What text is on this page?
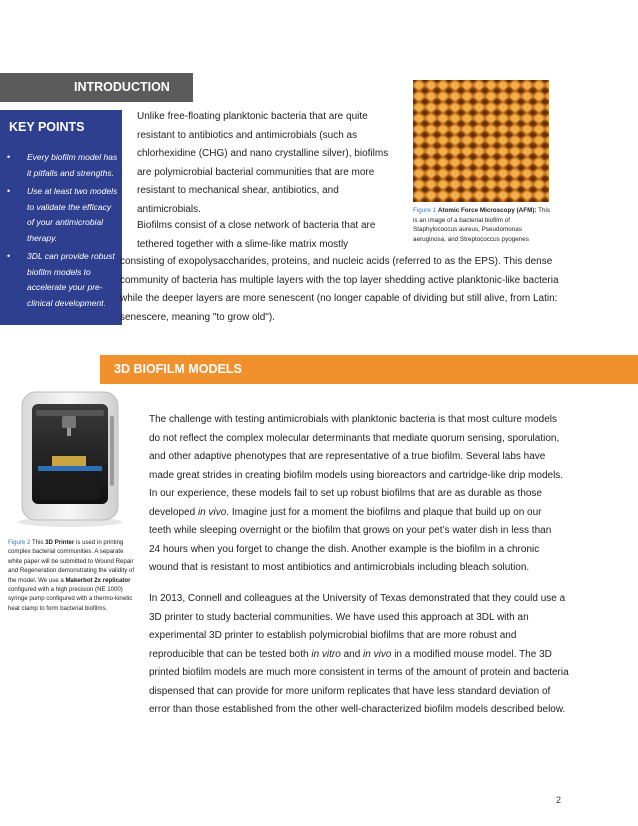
INTRODUCTION
KEY POINTS
• Every biofilm model has it pitfalls and strengths.
• Use at least two models to validate the efficacy of your antimicrobial therapy.
• 3DL can provide robust biofilm models to accelerate your pre-clinical development.

Unlike free-floating planktonic bacteria that are quite resistant to antibiotics and antimicrobials (such as chlorhexidine (CHG) and nano crystalline silver), biofilms are polymicrobial bacterial communities that are more resistant to mechanical shear, antibiotics, and antimicrobials.

Biofilms consist of a close network of bacteria that are tethered together with a slime-like matrix mostly

consisting of exopolysaccharides, proteins, and nucleic acids (referred to as the EPS). This dense community of bacteria has multiple layers with the top layer shedding active planktonic-like bacteria while the deeper layers are more senescent (no longer capable of dividing but still alive, from Latin: senescere, meaning "to grow old").

Figure 1 Atomic Force Microscopy (AFM): This is an image of a bacterial biofilm of Staphylococcus aureus, Pseudomonas aeruginosa, and Streptococcus pyogenes
3D BIOFILM MODELS
Figure 2 This 3D Printer is used in printing complex bacterial communities. A separate white paper will be submitted to Wound Repair and Regeneration demonstrating the validity of the model. We use a Makerbot 2x replicator configured with a high precision (NE 1000) syringe pump configured with a thermo-kinetic heat clamp to form bacterial biofilms.

The challenge with testing antimicrobials with planktonic bacteria is that most culture models do not reflect the complex molecular determinants that mediate quorum sensing, sporulation, and other adaptive phenotypes that are representative of a true biofilm. Several labs have made great strides in creating biofilm models using bioreactors and cartridge-like drip models. In our experience, these models fail to set up robust biofilms that are as durable as those developed in vivo. Imagine just for a moment the biofilms and plaque that build up on our teeth while sleeping overnight or the biofilm that grows on your pet’s water dish in less than 24 hours when you forget to change the dish. Another example is the biofilm in a chronic wound that is resistant to most antibiotics and antimicrobials including bleach solution.

In 2013, Connell and colleagues at the University of Texas demonstrated that they could use a 3D printer to study bacterial communities. We have used this approach at 3DL with an experimental 3D printer to establish polymicrobial biofilms that are more robust and reproducible that can be tested both in vitro and in vivo in a modified mouse model. The 3D printed biofilm models are much more consistent in terms of the amount of protein and bacteria dispensed that can provide for more uniform replicates that have less standard deviation of error than those established from the other well-characterized biofilm models described below.

2
